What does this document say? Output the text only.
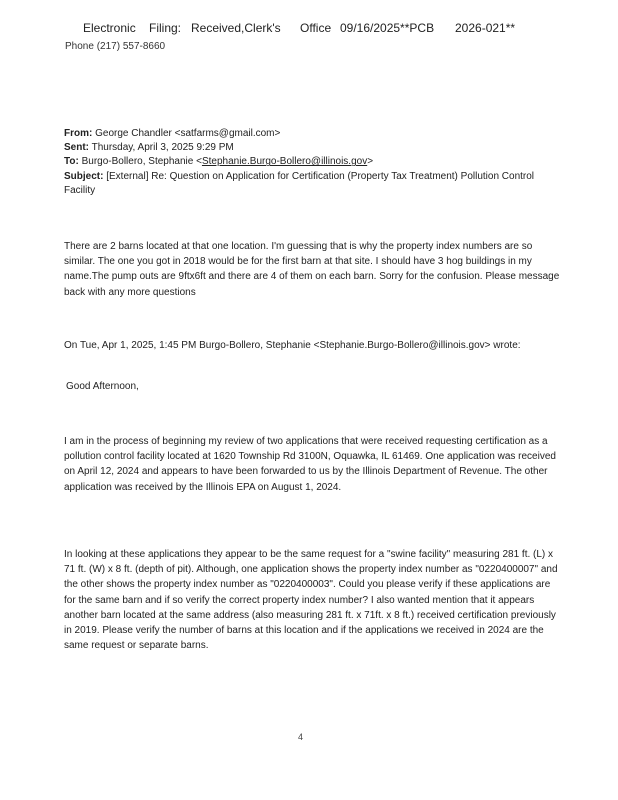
Electronic Filing: Received,Clerk's Office 09/16/2025**PCB 2026-021**
Phone (217) 557-8660
From: George Chandler <satfarms@gmail.com>
Sent: Thursday, April 3, 2025 9:29 PM
To: Burgo-Bollero, Stephanie <Stephanie.Burgo-Bollero@illinois.gov>
Subject: [External] Re: Question on Application for Certification (Property Tax Treatment) Pollution Control Facility
There are 2 barns located at that one location. I'm guessing that is why the property index numbers are so similar. The one you got in 2018 would be for the first barn at that site. I should have 3 hog buildings in my name.The pump outs are 9ftx6ft and there are 4 of them on each barn. Sorry for the confusion. Please message back with any more questions
On Tue, Apr 1, 2025, 1:45 PM Burgo-Bollero, Stephanie <Stephanie.Burgo-Bollero@illinois.gov> wrote:
Good Afternoon,
I am in the process of beginning my review of two applications that were received requesting certification as a pollution control facility located at 1620 Township Rd 3100N, Oquawka, IL 61469. One application was received on April 12, 2024 and appears to have been forwarded to us by the Illinois Department of Revenue. The other application was received by the Illinois EPA on August 1, 2024.
In looking at these applications they appear to be the same request for a "swine facility" measuring 281 ft. (L) x 71 ft. (W) x 8 ft. (depth of pit). Although, one application shows the property index number as "0220400007" and the other shows the property index number as "0220400003". Could you please verify if these applications are for the same barn and if so verify the correct property index number? I also wanted mention that it appears another barn located at the same address (also measuring 281 ft. x 71ft. x 8 ft.) received certification previously in 2019. Please verify the number of barns at this location and if the applications we received in 2024 are the same request or separate barns.
4
